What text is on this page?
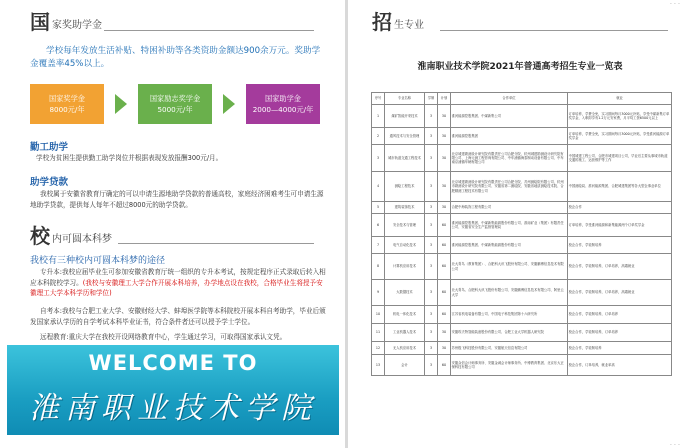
国 家奖助学金
学校每年发放生活补贴、特困补助等各类资助金额达900余万元。奖助学金覆盖率45%以上。
国家奖学金
8000元/年
国家励志奖学金
5000元/年
国家助学金
2000—4000元/年
勤工助学
学校为贫困生提供勤工助学岗位并根据表现发放报酬300元/月。
助学贷款
我校属于安徽省教育厅确定的可以申请生源地助学贷款的普通高校，家庭经济困难考生可申请生源地助学贷款，提供每人每年不超过8000元的助学贷款。
校 内可圆本科梦
我校有三种校内可圆本科梦的途径
专升本:我校应届毕业生可参加安徽省教育厅统一组织的专升本考试，按规定程序正式录取后转入相应本科院校学习。(我校与安徽理工大学合作开展本科培养，办学地点设在我校，合格毕业生将授予安徽理工大学本科学历和学位)
自考本:我校与合肥工业大学、安徽财经大学、蚌埠医学院等本科院校开展本科自考助学，毕业后颁发国家承认学历的自学考试本科毕业证书，符合条件者还可以授予学士学位。
远程教育:重庆大学在我校开设网络教育中心，学生通过学习，可取得国家承认文凭。
WELCOME TO
淮南职业技术学院
- - -
招 生专业
淮南职业技术学院2021年普通高考招生专业一览表
序号	专业名称	学制	计划	合作单位	就业
1	煤矿智能开采技术	3	30	淮河能源控股集团、中煤新集公司	订单培养，学费全免，实习期间每月3000元补贴，享受中煤新集订单奖学金，入职即享有1.2万元安家费，月平均工资6500元以上
2	通风技术与安全管理	3	30	淮河能源控股集团	订单培养，学费全免，实习期间每月3000元补贴，享受淮河能源订单奖学金
3	城市轨道交通工程技术	3	30	北京城建勘测设计研究院有限责任公司合肥分院、杭州城建勘测设计研究院有限公司、上海元测工程咨询有限公司、中车浦镇海泰制动设备有限公司、中车南京浦镇车辆有限公司	中国城建工程公司、合肥市城建项目公司，毕业后主要从事城市轨道交通的施工、运营维护等工作
4	测绘工程技术	3	30	北京城建勘测设计研究院有限责任公司合肥分院、苏州测绘院有限公司、杭州市勘测设计研究院有限公司、安徽省第二测绘院、安徽省地质测绘技术院、合肥精测工程技术有限公司	中国测绘局、淮河能源集团、合肥城建集团等各大型企事业单位
5	建筑装饰技术	3	30	合肥中海装饰工程有限公司	校企合作
6	安全技术与管理	3	60	淮河能源控股集团、中煤新集能源股份有限公司、淮南矿业（集团）有限责任公司、安徽省安全生产监督管理局	订单培养，享受淮河能源和新集能源两个订单奖学金
7	电气自动化技术	3	60	淮河能源控股集团、中煤新集能源股份有限公司	校企合作，学徒制培养
8	计算机应用技术	3	60	北大青鸟（教育集团）、合肥科大讯飞股份有限公司、安徽鹏博信息技术有限公司	校企合作，学徒制培养，订单培养，高端就业
9	大数据技术	3	60	北大青鸟、合肥科大讯飞股份有限公司、安徽鹏博信息技术有限公司、阿里云大学	校企合作，学徒制培养，订单培养，高端就业
10	机电一体化技术	3	60	江苏省机电装备有限公司、中国电子科技集团第十六研究所	校企合作，学徒制培养，订单培养
11	工业机器人技术	3	30	安徽埃夫特智能装备股份有限公司、合肥工业大学机器人研究院	校企合作，学徒制培养，订单培养
12	无人机应用技术	3	30	苏州极飞科技股份有限公司、安徽航天信息有限公司	校企合作，学徒制培养
13	会计	3	60	安徽众信会计师事务所、安徽金诚会计师事务所、中博教育集团、北京东大正保科技有限公司	校企合作，订单培养，就业率高
- - -
